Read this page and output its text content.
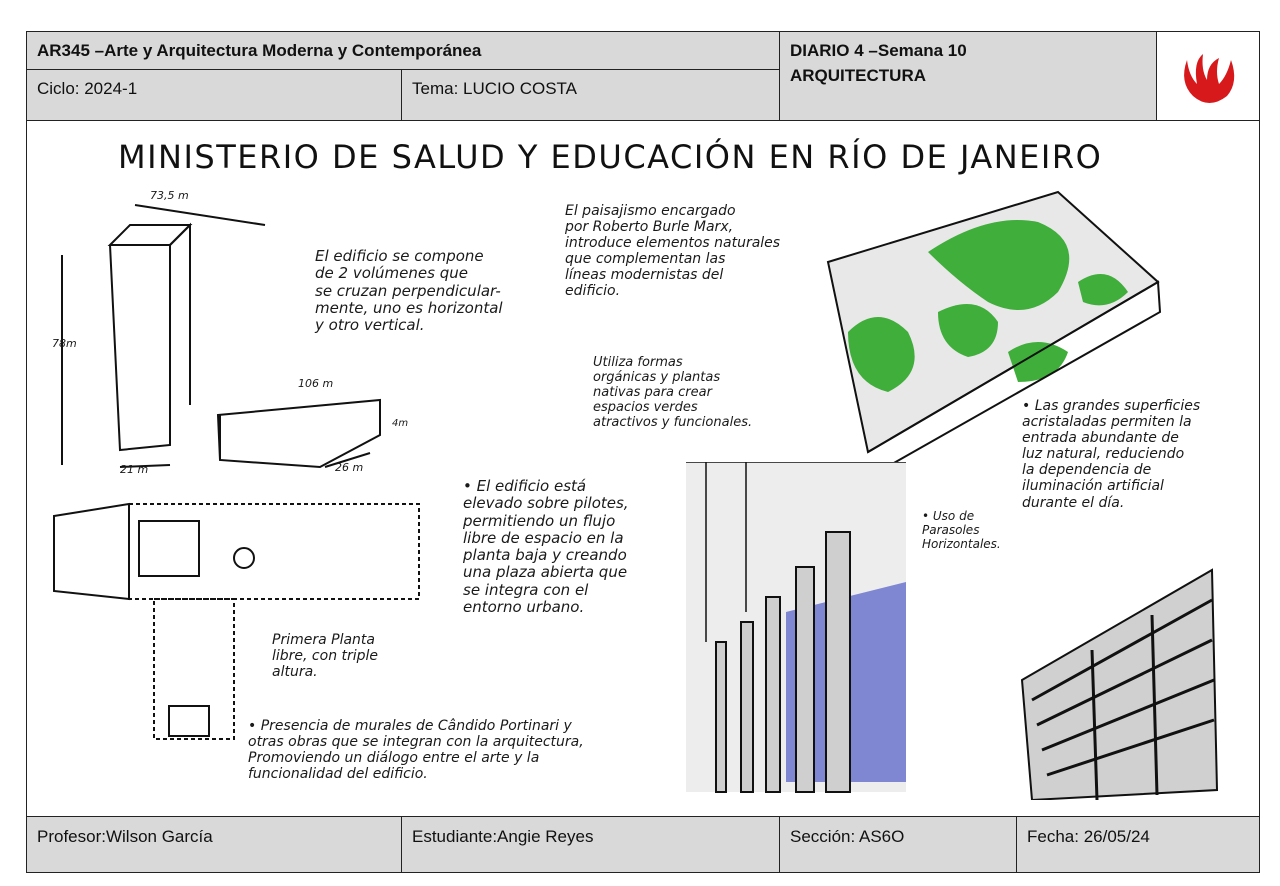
AR345 –Arte y Arquitectura Moderna y Contemporánea
Ciclo: 2024-1	Tema: LUCIO COSTA
DIARIO 4 –Semana 10
ARQUITECTURA
MINISTERIO DE SALUD Y EDUCACIÓN EN RÍO DE JANEIRO
73,5 m
78m
106 m
4m
21 m	26 m
El edificio se compone
de 2 volúmenes que
se cruzan perpendicular-
mente, uno es horizontal
y otro vertical.
El paisajismo encargado
por Roberto Burle Marx,
introduce elementos naturales
que complementan las
líneas modernistas del
edificio.
Utiliza formas
orgánicas y plantas
nativas para crear
espacios verdes
atractivos y funcionales.
• Las grandes superficies
acristaladas permiten la
entrada abundante de
luz natural, reduciendo
la dependencia de
iluminación artificial
durante el día.
Primera Planta
libre, con triple
altura.
• Presencia de murales de Cândido Portinari y
otras obras que se integran con la arquitectura,
Promoviendo un diálogo entre el arte y la
funcionalidad del edificio.
• El edificio está
elevado sobre pilotes,
permitiendo un flujo
libre de espacio en la
planta baja y creando
una plaza abierta que
se integra con el
entorno urbano.
• Uso de
Parasoles
Horizontales.
Profesor:Wilson García	Estudiante:Angie Reyes	Sección: AS6O	Fecha: 26/05/24
